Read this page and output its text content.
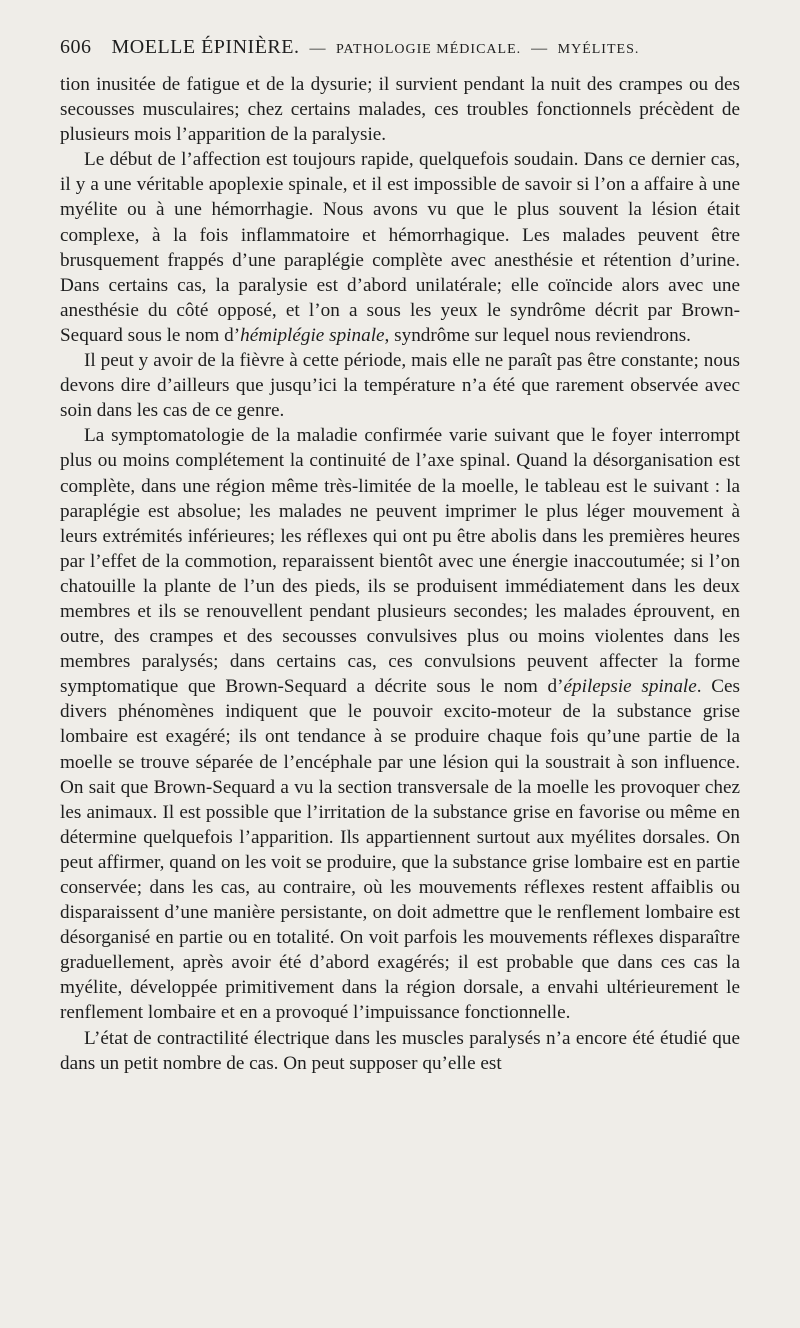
606 MOELLE ÉPINIÈRE. — PATHOLOGIE MÉDICALE. — MYÉLITES.

tion inusitée de fatigue et de la dysurie; il survient pendant la nuit des crampes ou des secousses musculaires; chez certains malades, ces troubles fonctionnels précèdent de plusieurs mois l’apparition de la paralysie.

Le début de l’affection est toujours rapide, quelquefois soudain. Dans ce dernier cas, il y a une véritable apoplexie spinale, et il est impossible de savoir si l’on a affaire à une myélite ou à une hémorrhagie. Nous avons vu que le plus souvent la lésion était complexe, à la fois inflammatoire et hémorrhagique. Les malades peuvent être brusquement frappés d’une paraplégie complète avec anesthésie et rétention d’urine. Dans certains cas, la paralysie est d’abord unilatérale; elle coïncide alors avec une anesthésie du côté opposé, et l’on a sous les yeux le syndrôme décrit par Brown-Sequard sous le nom d’hémiplégie spinale, syndrôme sur lequel nous reviendrons.

Il peut y avoir de la fièvre à cette période, mais elle ne paraît pas être constante; nous devons dire d’ailleurs que jusqu’ici la température n’a été que rarement observée avec soin dans les cas de ce genre.

La symptomatologie de la maladie confirmée varie suivant que le foyer interrompt plus ou moins complétement la continuité de l’axe spinal. Quand la désorganisation est complète, dans une région même très-limitée de la moelle, le tableau est le suivant : la paraplégie est absolue; les malades ne peuvent imprimer le plus léger mouvement à leurs extrémités inférieures; les réflexes qui ont pu être abolis dans les premières heures par l’effet de la commotion, reparaissent bientôt avec une énergie inaccoutumée; si l’on chatouille la plante de l’un des pieds, ils se produisent immédiatement dans les deux membres et ils se renouvellent pendant plusieurs secondes; les malades éprouvent, en outre, des crampes et des secousses convulsives plus ou moins violentes dans les membres paralysés; dans certains cas, ces convulsions peuvent affecter la forme symptomatique que Brown-Sequard a décrite sous le nom d’épilepsie spinale. Ces divers phénomènes indiquent que le pouvoir excito-moteur de la substance grise lombaire est exagéré; ils ont tendance à se produire chaque fois qu’une partie de la moelle se trouve séparée de l’encéphale par une lésion qui la soustrait à son influence. On sait que Brown-Sequard a vu la section transversale de la moelle les provoquer chez les animaux. Il est possible que l’irritation de la substance grise en favorise ou même en détermine quelquefois l’apparition. Ils appartiennent surtout aux myélites dorsales. On peut affirmer, quand on les voit se produire, que la substance grise lombaire est en partie conservée; dans les cas, au contraire, où les mouvements réflexes restent affaiblis ou disparaissent d’une manière persistante, on doit admettre que le renflement lombaire est désorganisé en partie ou en totalité. On voit parfois les mouvements réflexes disparaître graduellement, après avoir été d’abord exagérés; il est probable que dans ces cas la myélite, développée primitivement dans la région dorsale, a envahi ultérieurement le renflement lombaire et en a provoqué l’impuissance fonctionnelle.

L’état de contractilité électrique dans les muscles paralysés n’a encore été étudié que dans un petit nombre de cas. On peut supposer qu’elle est
